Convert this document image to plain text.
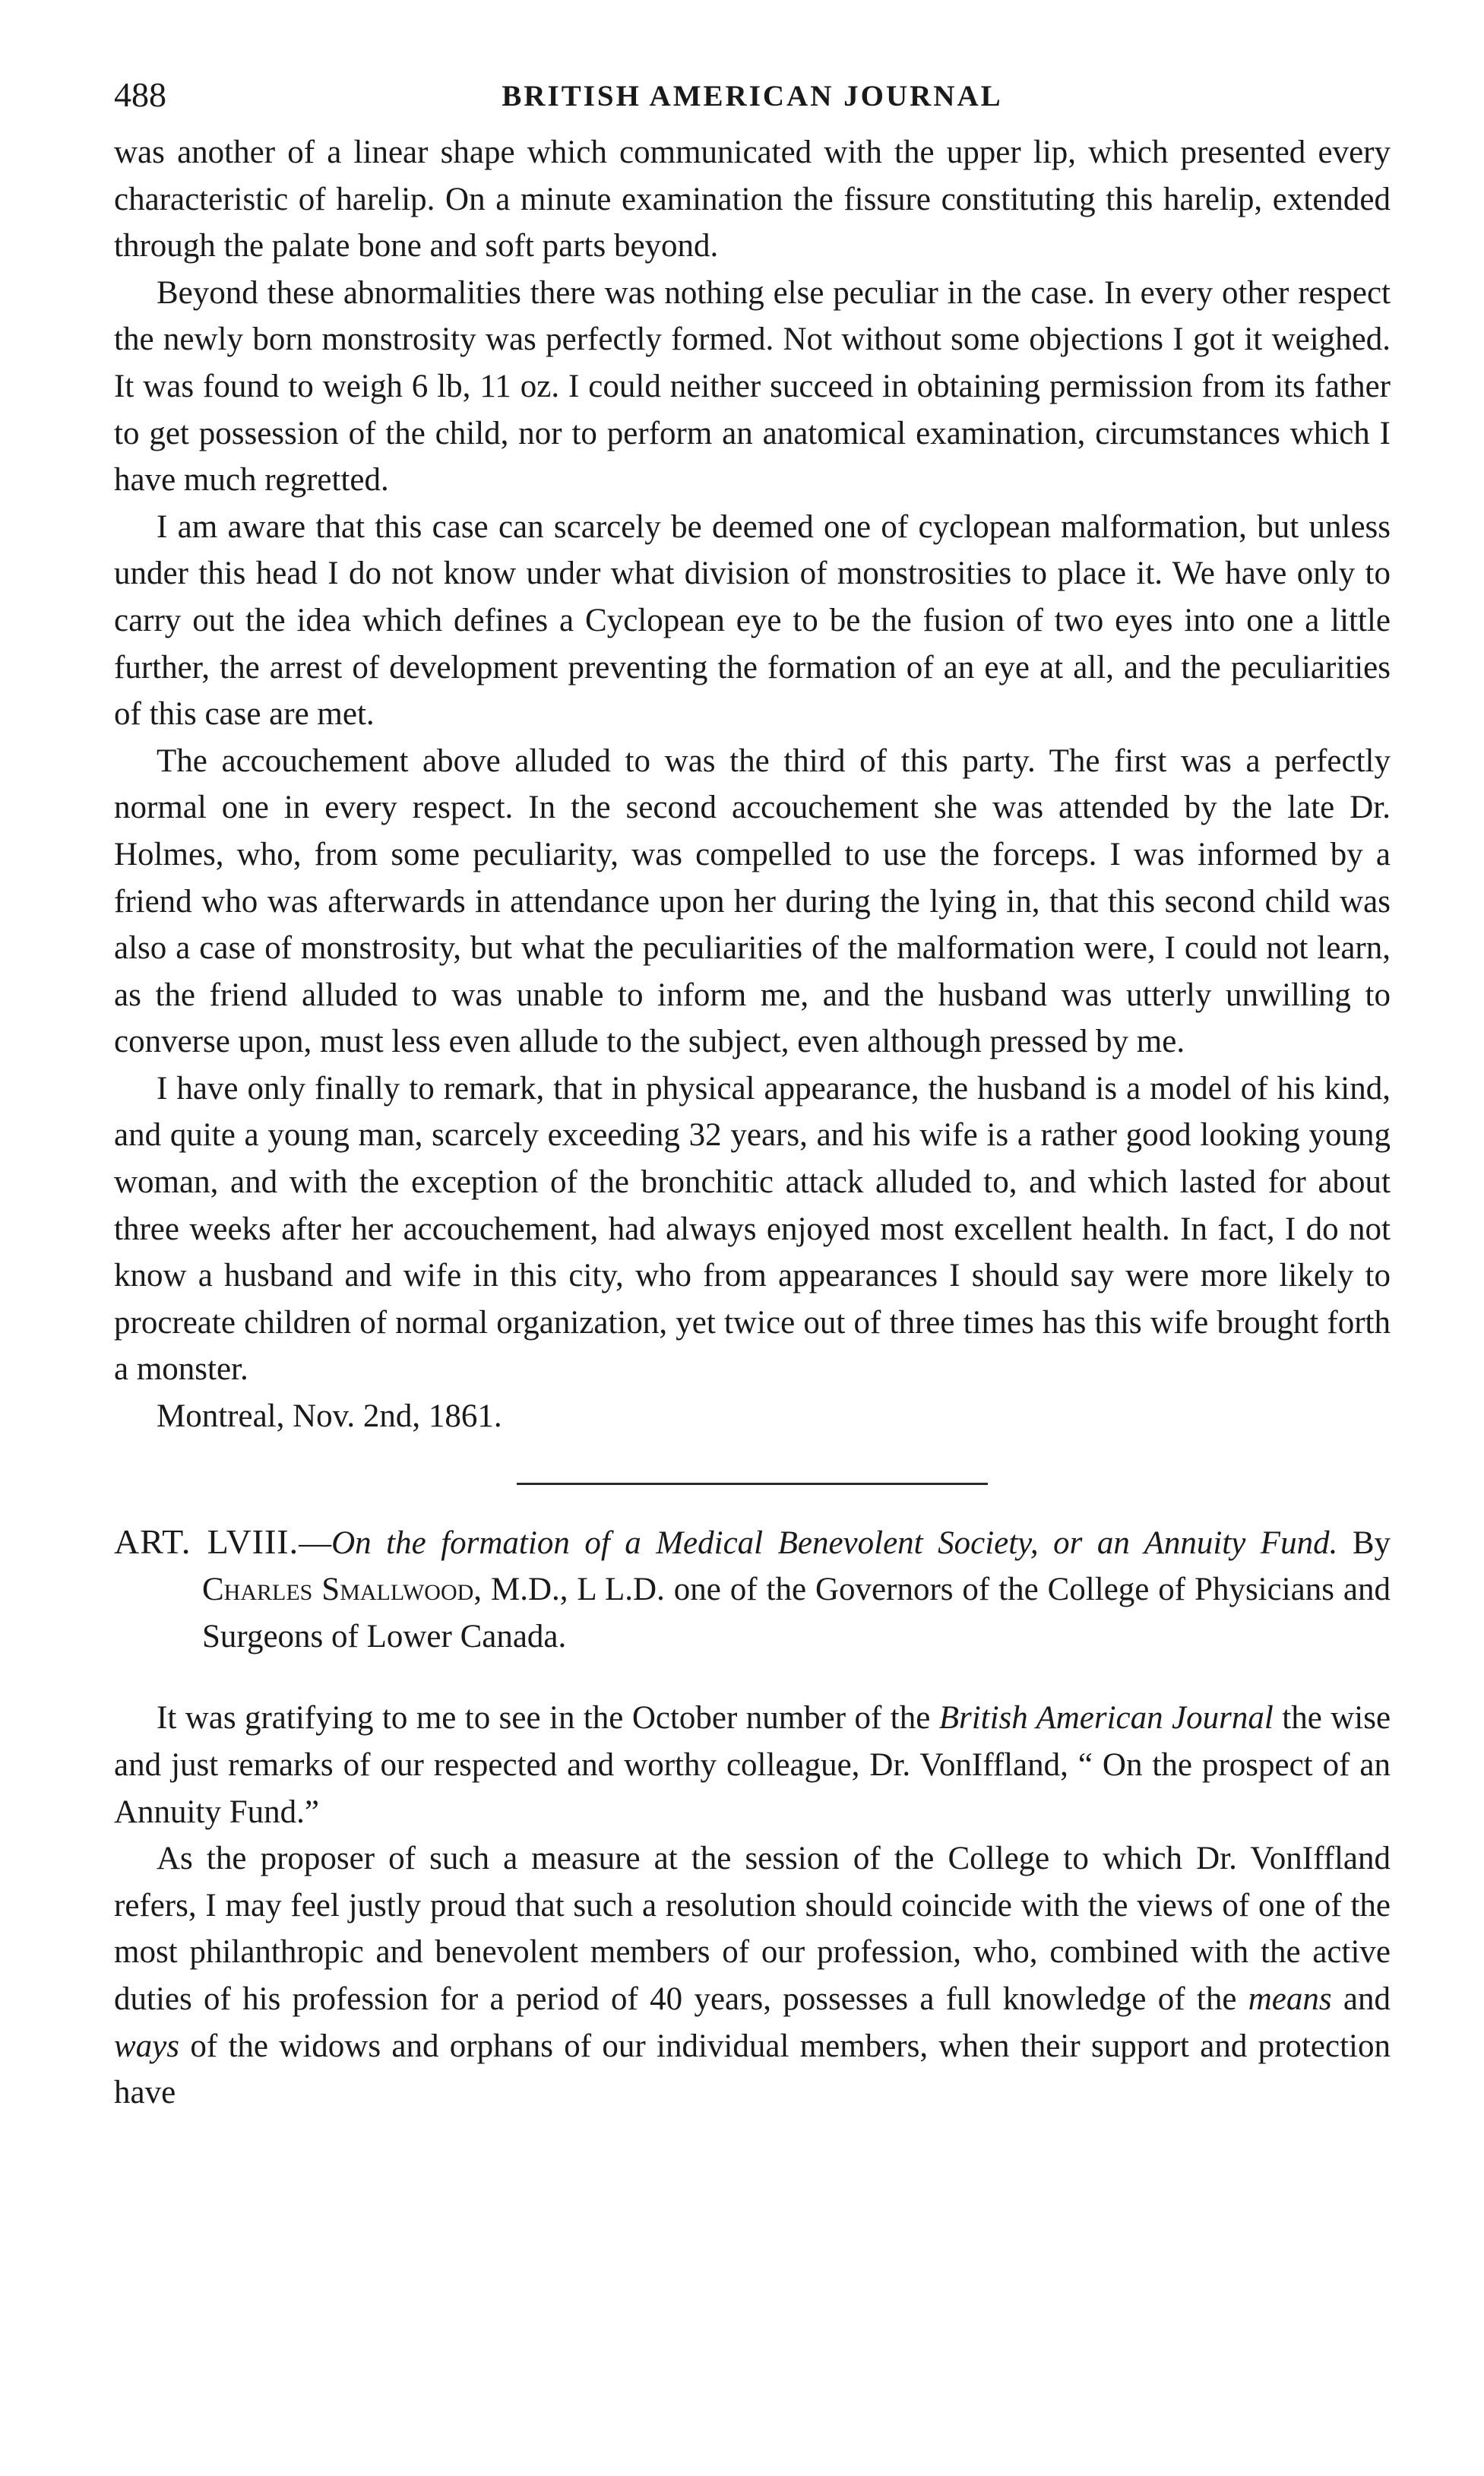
488	BRITISH AMERICAN JOURNAL

was another of a linear shape which communicated with the upper lip, which presented every characteristic of harelip. On a minute examination the fissure constituting this harelip, extended through the palate bone and soft parts beyond.

Beyond these abnormalities there was nothing else peculiar in the case. In every other respect the newly born monstrosity was perfectly formed. Not without some objections I got it weighed. It was found to weigh 6 lb, 11 oz. I could neither succeed in obtaining permission from its father to get possession of the child, nor to perform an anatomical examination, circumstances which I have much regretted.

I am aware that this case can scarcely be deemed one of cyclopean malformation, but unless under this head I do not know under what division of monstrosities to place it. We have only to carry out the idea which defines a Cyclopean eye to be the fusion of two eyes into one a little further, the arrest of development preventing the formation of an eye at all, and the peculiarities of this case are met.

The accouchement above alluded to was the third of this party. The first was a perfectly normal one in every respect. In the second accouchement she was attended by the late Dr. Holmes, who, from some peculiarity, was compelled to use the forceps. I was informed by a friend who was afterwards in attendance upon her during the lying in, that this second child was also a case of monstrosity, but what the peculiarities of the malformation were, I could not learn, as the friend alluded to was unable to inform me, and the husband was utterly unwilling to converse upon, must less even allude to the subject, even although pressed by me.

I have only finally to remark, that in physical appearance, the husband is a model of his kind, and quite a young man, scarcely exceeding 32 years, and his wife is a rather good looking young woman, and with the exception of the bronchitic attack alluded to, and which lasted for about three weeks after her accouchement, had always enjoyed most excellent health. In fact, I do not know a husband and wife in this city, who from appearances I should say were more likely to procreate children of normal organization, yet twice out of three times has this wife brought forth a monster.

Montreal, Nov. 2nd, 1861.
ART. LVIII.—On the formation of a Medical Benevolent Society, or an Annuity Fund. By Charles Smallwood, M.D., L L.D. one of the Governors of the College of Physicians and Surgeons of Lower Canada.

It was gratifying to me to see in the October number of the British American Journal the wise and just remarks of our respected and worthy colleague, Dr. VonIffland, “ On the prospect of an Annuity Fund.”

As the proposer of such a measure at the session of the College to which Dr. VonIffland refers, I may feel justly proud that such a resolution should coincide with the views of one of the most philanthropic and benevolent members of our profession, who, combined with the active duties of his profession for a period of 40 years, possesses a full knowledge of the means and ways of the widows and orphans of our individual members, when their support and protection have
